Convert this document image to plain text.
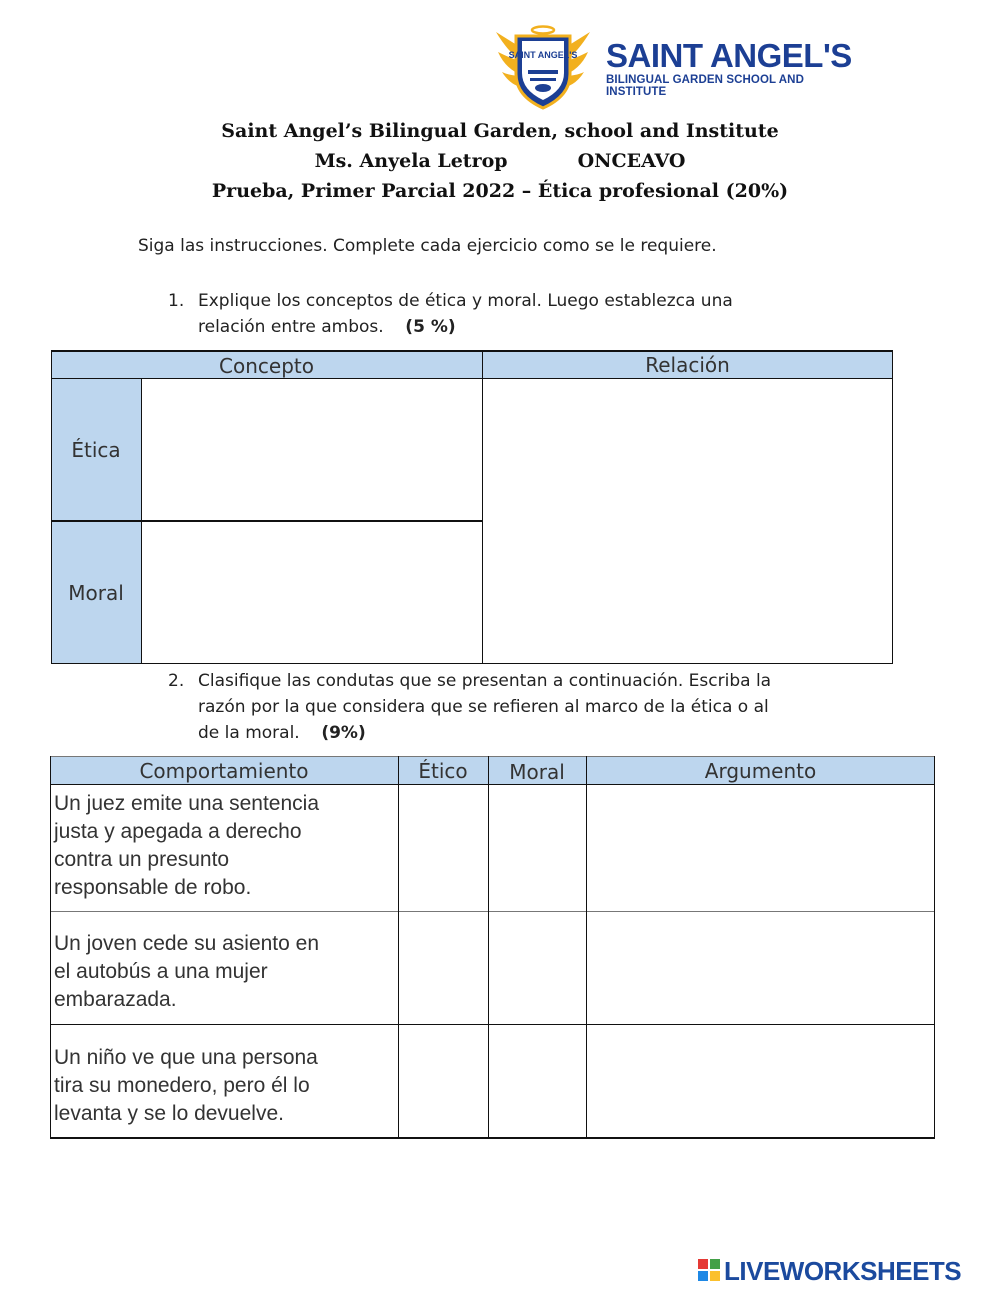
SAINT ANGEL'S SAINT ANGEL'S
BILINGUAL GARDEN SCHOOL AND INSTITUTE
Saint Angel’s Bilingual Garden, school and Institute
Ms. Anyela Letrop	ONCEAVO
Prueba, Primer Parcial 2022 – Ética profesional (20%)
Siga las instrucciones. Complete cada ejercicio como se le requiere.
1. Explique los conceptos de ética y moral. Luego establezca una
relación entre ambos. (5 %)
Concepto	Relación
Ética
Moral
2. Clasifique las condutas que se presentan a continuación. Escriba la
razón por la que considera que se refieren al marco de la ética o al
de la moral. (9%)
Comportamiento	Ético	Moral	Argumento
Un juez emite una sentencia
justa y apegada a derecho
contra un presunto
responsable de robo.
Un joven cede su asiento en
el autobús a una mujer
embarazada.
Un niño ve que una persona
tira su monedero, pero él lo
levanta y se lo devuelve.
LIVEWORKSHEETS
